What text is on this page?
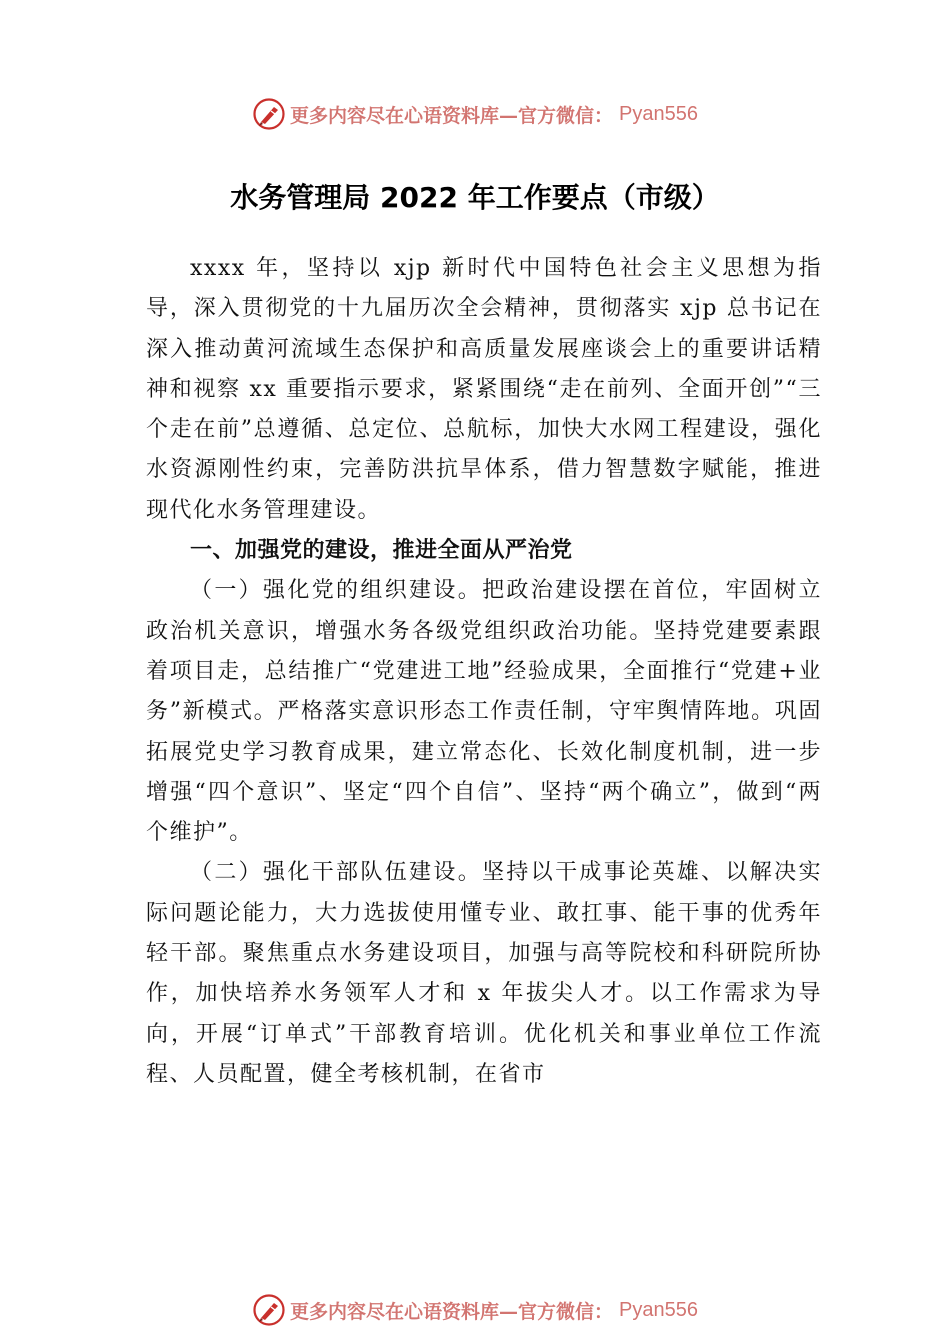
更多内容尽在心语资料库—官方微信： Pyan556
水务管理局 2022 年工作要点（市级）

xxxx 年，坚持以 xjp 新时代中国特色社会主义思想为指导，深入贯彻党的十九届历次全会精神，贯彻落实 xjp 总书记在深入推动黄河流域生态保护和高质量发展座谈会上的重要讲话精神和视察 xx 重要指示要求，紧紧围绕“走在前列、全面开创”“三个走在前”总遵循、总定位、总航标，加快大水网工程建设，强化水资源刚性约束，完善防洪抗旱体系，借力智慧数字赋能，推进现代化水务管理建设。

一、加强党的建设，推进全面从严治党

（一）强化党的组织建设。把政治建设摆在首位，牢固树立政治机关意识，增强水务各级党组织政治功能。坚持党建要素跟着项目走，总结推广“党建进工地”经验成果，全面推行“党建+业务”新模式。严格落实意识形态工作责任制，守牢舆情阵地。巩固拓展党史学习教育成果，建立常态化、长效化制度机制，进一步增强“四个意识”、坚定“四个自信”、坚持“两个确立”，做到“两个维护”。

（二）强化干部队伍建设。坚持以干成事论英雄、以解决实际问题论能力，大力选拔使用懂专业、敢扛事、能干事的优秀年轻干部。聚焦重点水务建设项目，加强与高等院校和科研院所协作，加快培养水务领军人才和 x 年拔尖人才。以工作需求为导向，开展“订单式”干部教育培训。优化机关和事业单位工作流程、人员配置，健全考核机制，在省市

更多内容尽在心语资料库—官方微信： Pyan556
